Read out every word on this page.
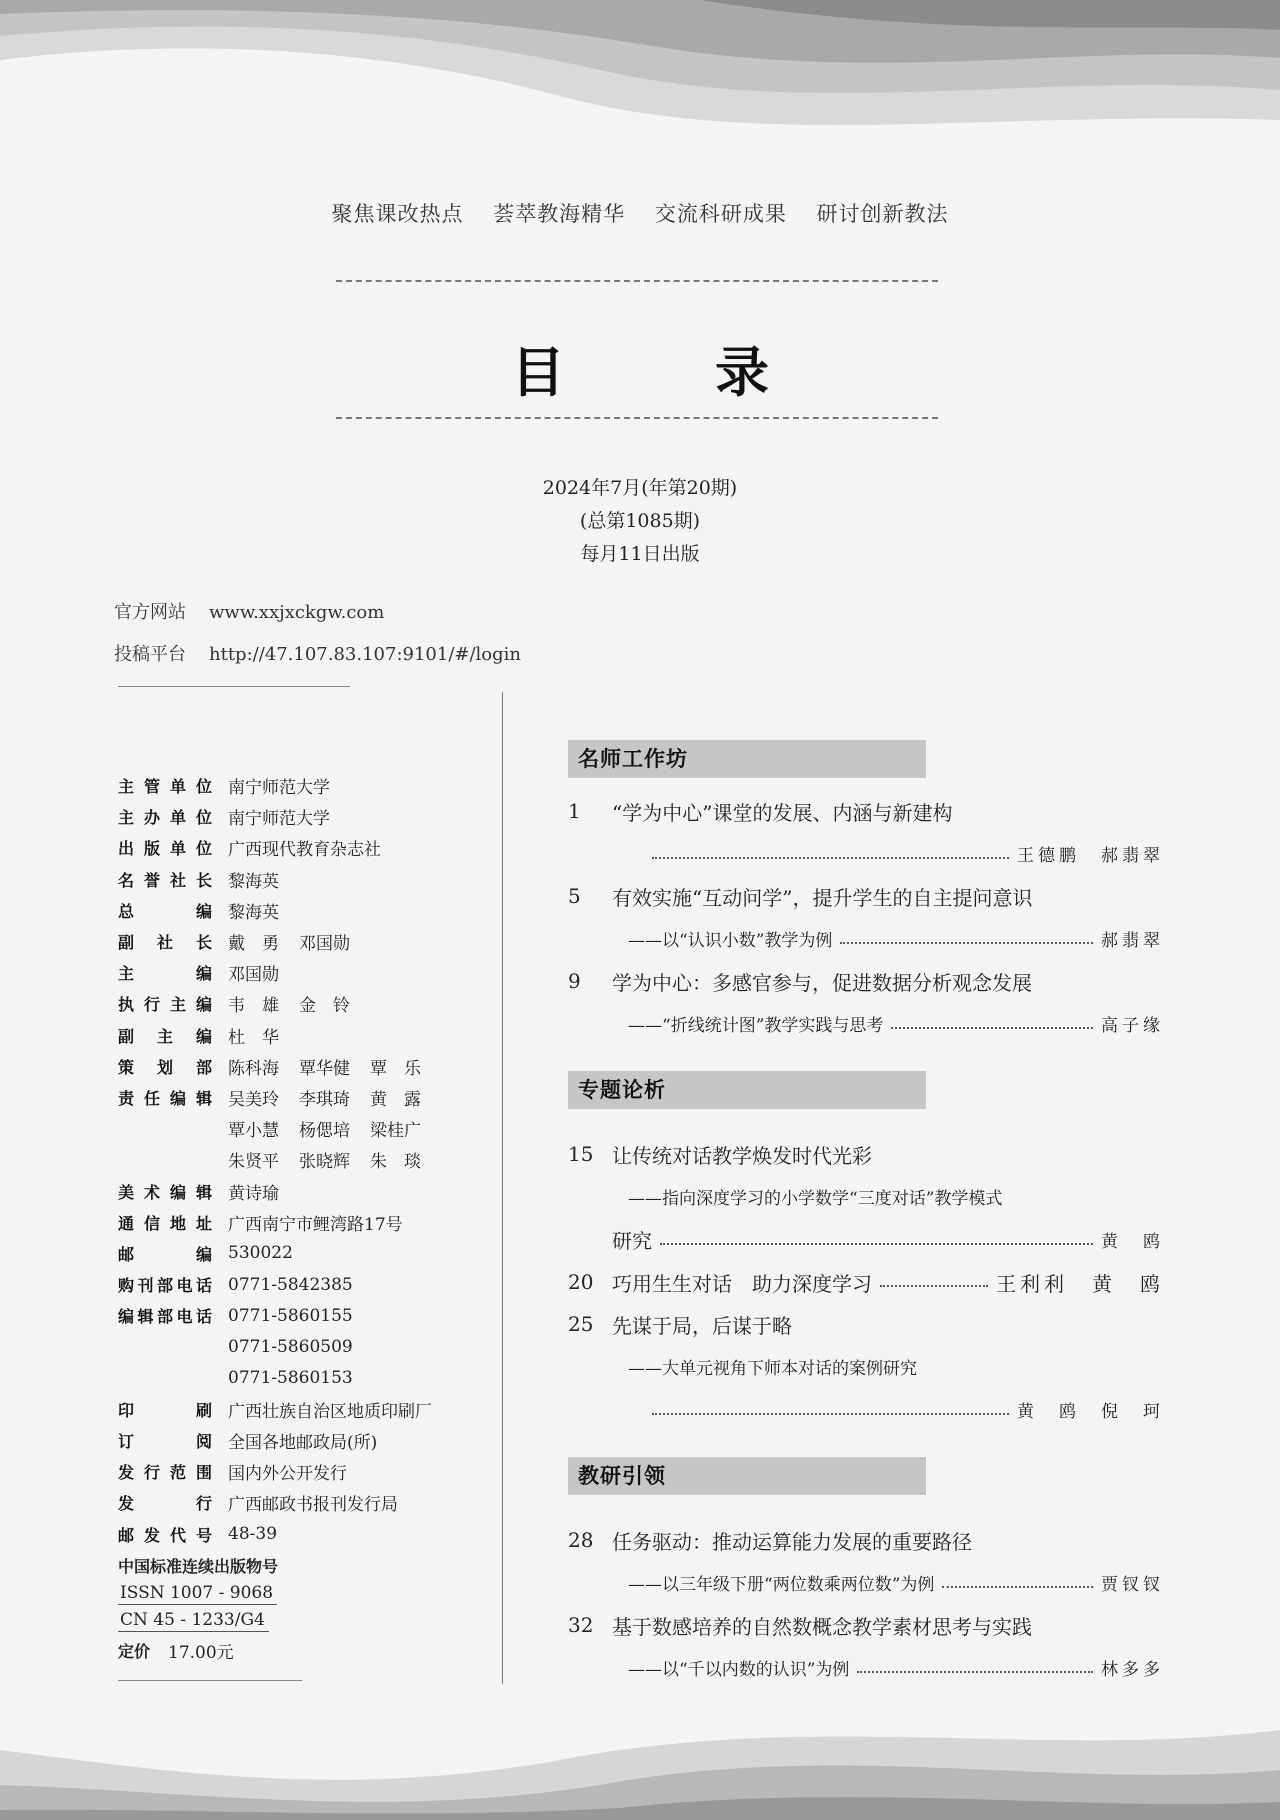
聚焦课改热点 荟萃教海精华 交流科研成果 研讨创新教法
目　录
2024年7月(年第20期)
(总第1085期)
每月11日出版
官方网站 www.xxjxckgw.com
投稿平台 http://47.107.83.107:9101/#/login
主 管 单 位 南宁师范大学
主 办 单 位 南宁师范大学
出 版 单 位 广西现代教育杂志社
名 誉 社 长 黎海英
总	编 黎海英
副 社 长 戴　勇 邓国勋
主	编 邓国勋
执 行 主 编 韦　雄 金　铃
副 主 编 杜　华
策 划 部 陈科海 覃华健 覃　乐
责 任 编 辑 吴美玲 李琪琦 黄　露
覃小慧 杨偲培 梁桂广
朱贤平 张晓辉 朱　琰
美 术 编 辑 黄诗瑜
通 信 地 址 广西南宁市鲤湾路17号
邮	编 530022
购 刊 部 电 话 0771-5842385
编 辑 部 电 话 0771-5860155
0771-5860509
0771-5860153
印	刷 广西壮族自治区地质印刷厂
订	阅 全国各地邮政局(所)
发 行 范 围 国内外公开发行
发	行 广西邮政书报刊发行局
邮 发 代 号 48-39
中国标准连续出版物号
ISSN 1007 - 9068
CN 45 - 1233/G4
定价 17.00元
名师工作坊
1	“学为中心”课堂的发展、内涵与新建构
王德鹏　郝翡翠
5	有效实施“互动问学”，提升学生的自主提问意识
——以“认识小数”教学为例	郝翡翠
9	学为中心：多感官参与，促进数据分析观念发展
——“折线统计图”教学实践与思考	高子缘
专题论析
15 让传统对话教学焕发时代光彩
——指向深度学习的小学数学“三度对话”教学模式
研究	黄　鸥
20 巧用生生对话　助力深度学习	王利利　黄　鸥
25 先谋于局，后谋于略
——大单元视角下师本对话的案例研究
黄　鸥　倪　珂
教研引领
28 任务驱动：推动运算能力发展的重要路径
——以三年级下册“两位数乘两位数”为例	贾钗钗
32 基于数感培养的自然数概念教学素材思考与实践
——以“千以内数的认识”为例	林多多
